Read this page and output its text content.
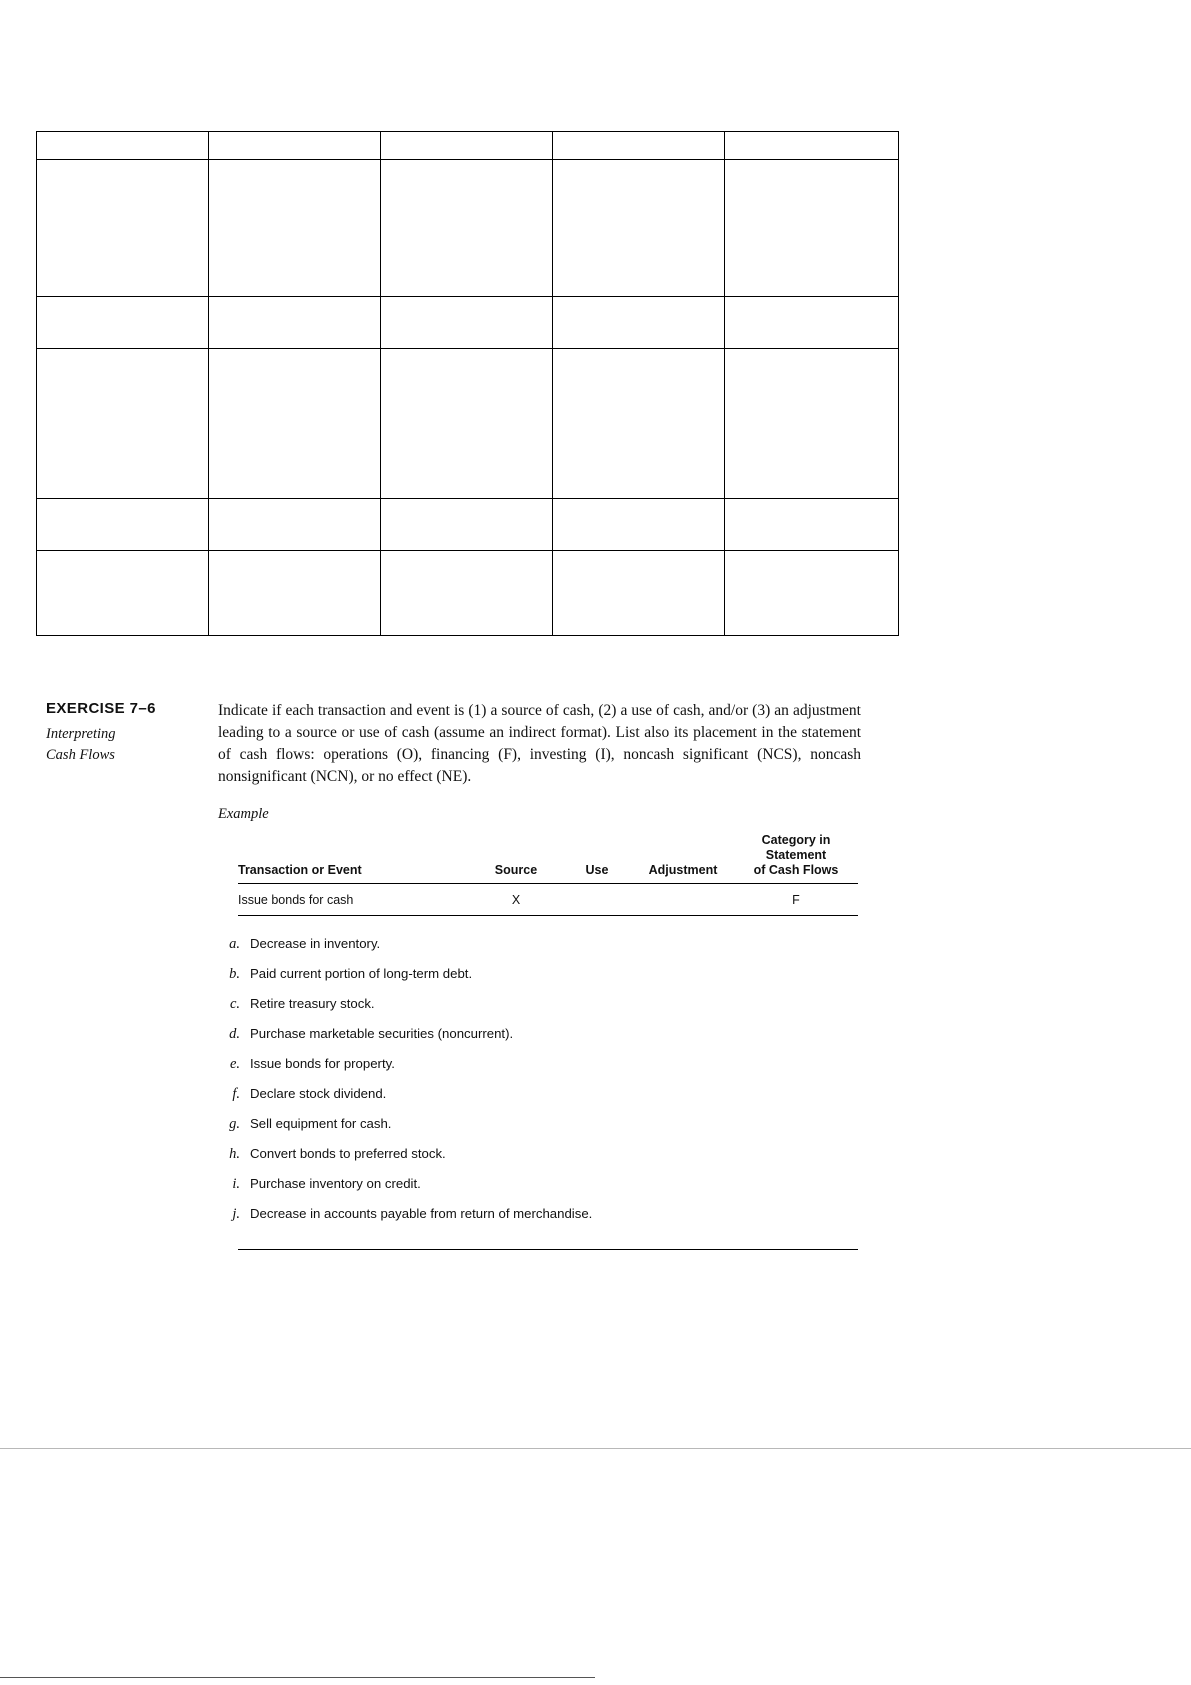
EXERCISE 7–6
Interpreting
Cash Flows

Indicate if each transaction and event is (1) a source of cash, (2) a use of cash, and/or (3) an adjustment leading to a source or use of cash (assume an indirect format). List also its placement in the statement of cash flows: operations (O), financing (F), investing (I), noncash significant (NCS), noncash nonsignificant (NCN), or no effect (NE).

Example

Transaction or Event	Source	Use	Adjustment	Category in Statement
of Cash Flows
Issue bonds for cash	X			F
a. Decrease in inventory.
b. Paid current portion of long-term debt.
c. Retire treasury stock.
d. Purchase marketable securities (noncurrent).
e. Issue bonds for property.
f. Declare stock dividend.
g. Sell equipment for cash.
h. Convert bonds to preferred stock.
i. Purchase inventory on credit.
j. Decrease in accounts payable from return of merchandise.
